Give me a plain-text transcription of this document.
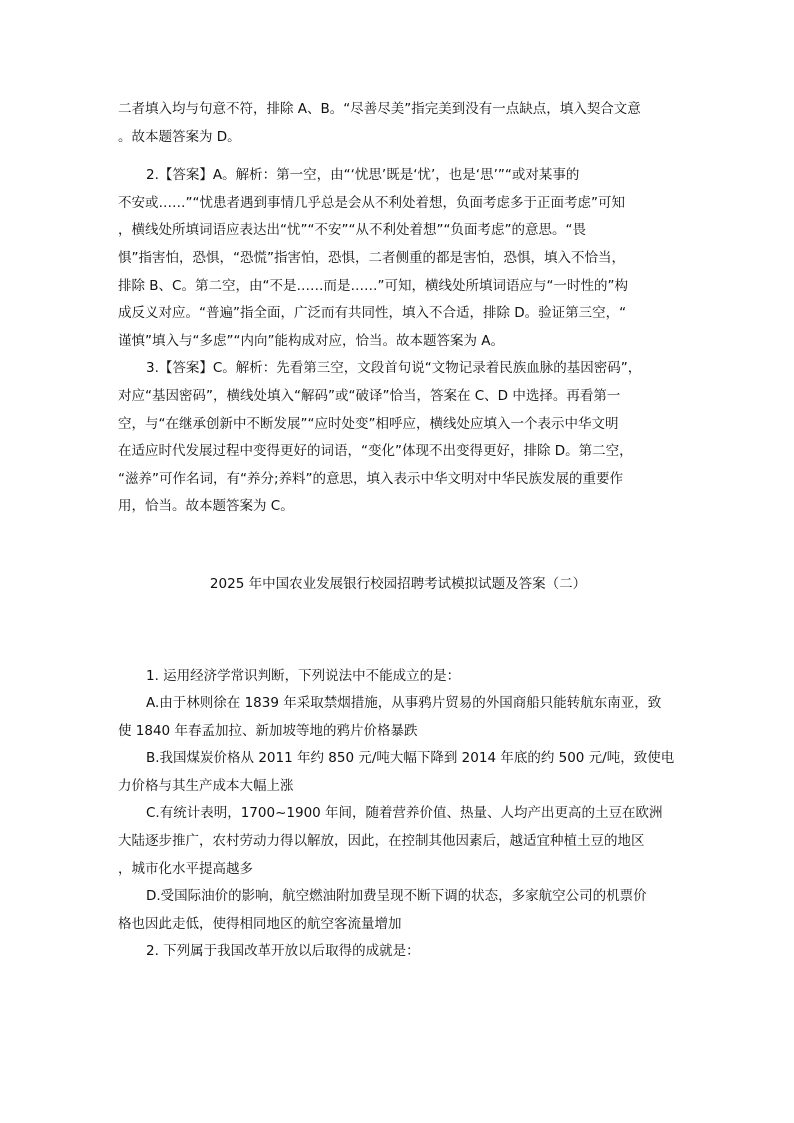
二者填入均与句意不符，排除 A、B。“尽善尽美”指完美到没有一点缺点，填入契合文意
。故本题答案为 D。
2.【答案】A。解析：第一空，由“‘忧思’既是‘忧’，也是‘思’”“或对某事的
不安或……”“忧患者遇到事情几乎总是会从不利处着想，负面考虑多于正面考虑”可知
，横线处所填词语应表达出“忧”“不安”“从不利处着想”“负面考虑”的意思。“畏
惧”指害怕，恐惧，“恐慌”指害怕，恐惧，二者侧重的都是害怕，恐惧，填入不恰当，
排除 B、C。第二空，由“不是……而是……”可知，横线处所填词语应与“一时性的”构
成反义对应。“普遍”指全面，广泛而有共同性，填入不合适，排除 D。验证第三空，“
谨慎”填入与“多虑”“内向”能构成对应，恰当。故本题答案为 A。
3.【答案】C。解析：先看第三空，文段首句说“文物记录着民族血脉的基因密码”，
对应“基因密码”，横线处填入“解码”或“破译”恰当，答案在 C、D 中选择。再看第一
空，与“在继承创新中不断发展”“应时处变”相呼应，横线处应填入一个表示中华文明
在适应时代发展过程中变得更好的词语，“变化”体现不出变得更好，排除 D。第二空，
“滋养”可作名词，有“养分;养料”的意思，填入表示中华文明对中华民族发展的重要作
用，恰当。故本题答案为 C。
2025 年中国农业发展银行校园招聘考试模拟试题及答案（二）
1. 运用经济学常识判断，下列说法中不能成立的是：
A.由于林则徐在 1839 年采取禁烟措施，从事鸦片贸易的外国商船只能转航东南亚，致
使 1840 年春孟加拉、新加坡等地的鸦片价格暴跌
B.我国煤炭价格从 2011 年约 850 元/吨大幅下降到 2014 年底的约 500 元/吨，致使电
力价格与其生产成本大幅上涨
C.有统计表明，1700~1900 年间，随着营养价值、热量、人均产出更高的土豆在欧洲
大陆逐步推广，农村劳动力得以解放，因此，在控制其他因素后，越适宜种植土豆的地区
，城市化水平提高越多
D.受国际油价的影响，航空燃油附加费呈现不断下调的状态，多家航空公司的机票价
格也因此走低，使得相同地区的航空客流量增加
2. 下列属于我国改革开放以后取得的成就是：
